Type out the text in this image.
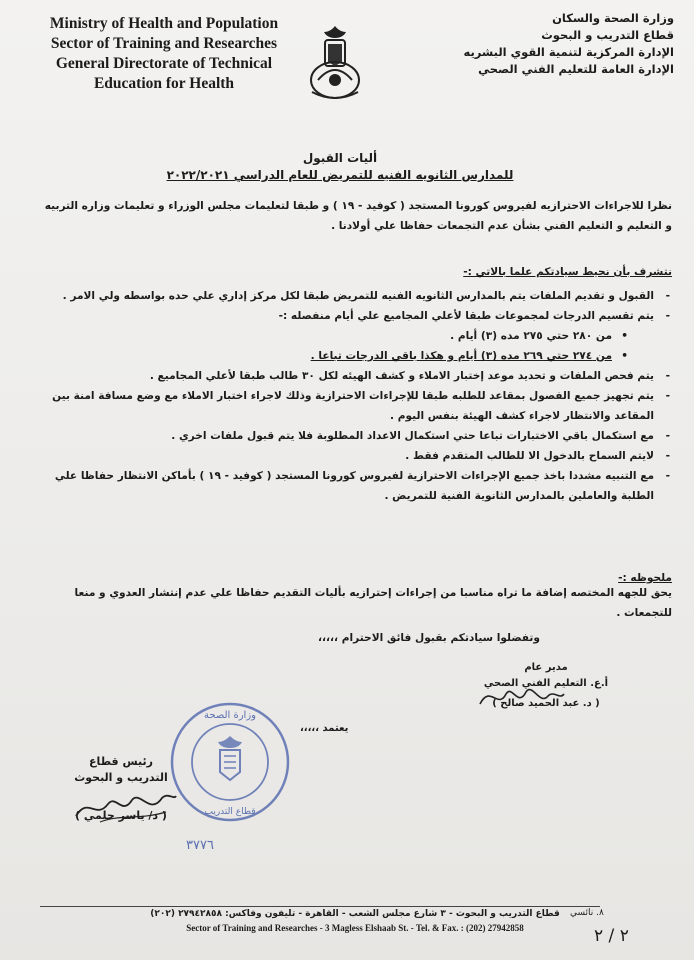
Ministry of Health and Population
Sector of Training and Researches
General Directorate of Technical
Education for Health
وزارة الصحة والسكان
قطاع التدريب و البحوث
الإدارة المركزية لتنمية القوي البشريه
الإدارة العامة للتعليم الفني الصحي
أليات القبول
للمدارس الثانويه الفنيه للتمريض للعام الدراسي ٢٠٢٢/٢٠٢١
نظرا للاجراءات الاحترازيه لفيروس كورونا المستجد ( كوفيد - ١٩ ) و طبقا لتعليمات مجلس الوزراء و تعليمات وزاره التربيه و التعليم و التعليم الفني بشأن عدم التجمعات حفاظا علي أولادنا .
نتشرف بأن نحيط سيادتكم علما بالاتي :-
- القبول و تقديم الملفات يتم بالمدارس الثانويه الفنيه للتمريض طبقا لكل مركز إداري علي حده بواسطه ولي الامر .
- يتم تقسيم الدرجات لمجموعات طبقا لأعلي المجاميع علي أيام منفصله :-
• من ٢٨٠ حتي ٢٧٥ مده (٣) أيام .
• من ٢٧٤ حتي ٢٦٩ مده (٣) أيام و هكذا باقي الدرجات تباعا .
- يتم فحص الملفات و تحديد موعد إختبار الاملاء و كشف الهيئه لكل ٣٠ طالب طبقا لأعلي المجاميع .
- يتم تجهيز جميع الفصول بمقاعد للطلبه طبقا للإجراءات الاحترازية وذلك لاجراء اختبار الاملاء مع وضع مسافة امنة بين المقاعد والانتظار لاجراء كشف الهيئة بنفس اليوم .
- مع استكمال باقي الاختبارات تباعا حتي استكمال الاعداد المطلوبة فلا يتم قبول ملفات اخري .
- لايتم السماح بالدخول الا للطالب المتقدم فقط .
- مع التنبيه مشددا باخذ جميع الإجراءات الاحترازية لفيروس كورونا المستجد ( كوفيد - ١٩ ) بأماكن الانتظار حفاظا علي الطلبة والعاملين بالمدارس الثانوية الفنية للتمريض .
ملحوظه :-
يحق للجهه المختصه إضافة ما تراه مناسبا من إجراءات إحترازيه بأليات التقديم حفاظا علي عدم إنتشار العدوي و منعا للتجمعات .
وتفضلوا سيادتكم بقبول فائق الاحترام ،،،،،
مدير عام
أ.ع. التعليم الفني الصحي
( د. عبد الحميد صالح )
يعتمد ،،،،،
وزارة الصحة
قطاع التدريب
٣٧٧٦
رئيس قطاع
التدريب و البحوث
( د/ ياسر حلمي )
قطاع التدريب و البحوث - ٣ شارع مجلس الشعب - القاهرة - تليفون وفاكس: ٢٧٩٤٢٨٥٨ (٢٠٢)
Sector of Training and Researches - 3 Magless Elshaab St. - Tel. & Fax. : (202) 27942858
٨. نائسي
٢ / ٢
